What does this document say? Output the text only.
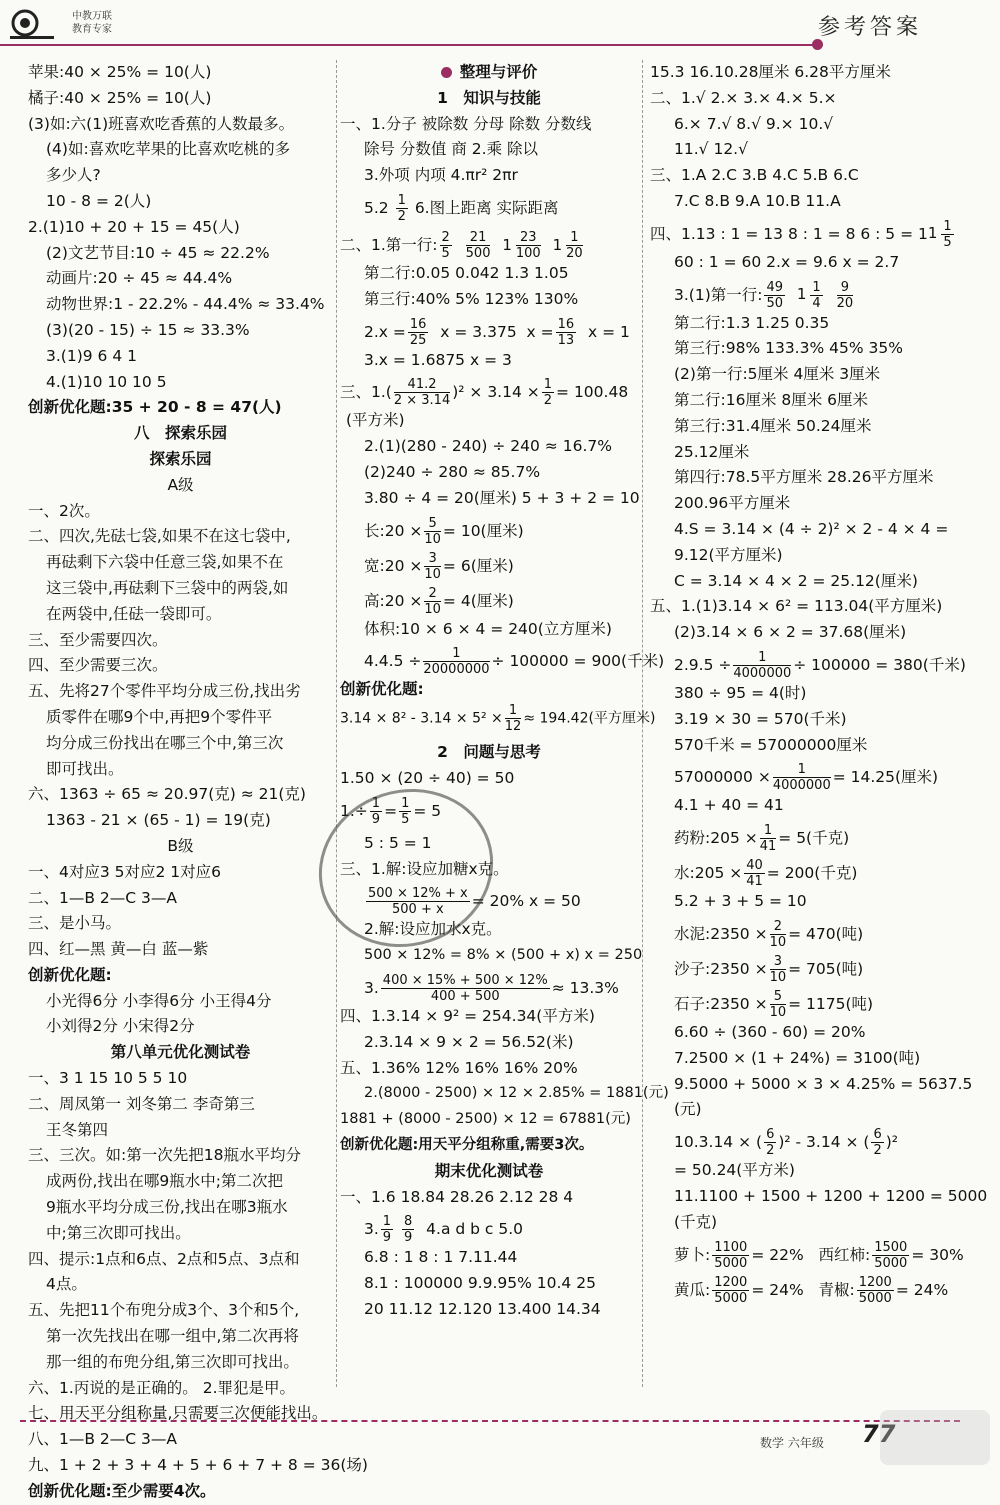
中教万联
教育专家	参考答案
苹果:40 × 25% = 10(人)
橘子:40 × 25% = 10(人)
(3)如:六(1)班喜欢吃香蕉的人数最多。
(4)如:喜欢吃苹果的比喜欢吃桃的多
多少人?
10 - 8 = 2(人)
2.(1)10 + 20 + 15 = 45(人)
(2)文艺节目:10 ÷ 45 ≈ 22.2%
动画片:20 ÷ 45 ≈ 44.4%
动物世界:1 - 22.2% - 44.4% ≈ 33.4%
(3)(20 - 15) ÷ 15 ≈ 33.3%
3.(1)9 6 4 1
4.(1)10 10 10 5
创新优化题:35 + 20 - 8 = 47(人)
八　探索乐园
探索乐园
A级
一、2次。
二、四次,先砝七袋,如果不在这七袋中,
再砝剩下六袋中任意三袋,如果不在
这三袋中,再砝剩下三袋中的两袋,如
在两袋中,任砝一袋即可。
三、至少需要四次。
四、至少需要三次。
五、先将27个零件平均分成三份,找出劣
质零件在哪9个中,再把9个零件平
均分成三份找出在哪三个中,第三次
即可找出。
六、1363 ÷ 65 ≈ 20.97(克) ≈ 21(克)
1363 - 21 × (65 - 1) = 19(克)
B级
一、4对应3 5对应2 1对应6
二、1—B 2—C 3—A
三、是小马。
四、红—黑 黄—白 蓝—紫
创新优化题:
小光得6分 小李得6分 小王得4分
小刘得2分 小宋得2分
第八单元优化测试卷
一、3 1 15 10 5 5 10
二、周凤第一 刘冬第二 李奇第三
王冬第四
三、三次。如:第一次先把18瓶水平均分
成两份,找出在哪9瓶水中;第二次把
9瓶水平均分成三份,找出在哪3瓶水
中;第三次即可找出。
四、提示:1点和6点、2点和5点、3点和
4点。
五、先把11个布兜分成3个、3个和5个,
第一次先找出在哪一组中,第二次再将
那一组的布兜分组,第三次即可找出。
六、1.丙说的是正确的。 2.罪犯是甲。
七、用天平分组称量,只需要三次便能找出。
八、1—B 2—C 3—A
九、1 + 2 + 3 + 4 + 5 + 6 + 7 + 8 = 36(场)
创新优化题:至少需要4次。
整理与评价
1　知识与技能
一、1.分子 被除数 分母 除数 分数线
除号 分数值 商 2.乘 除以
3.外项 内项 4.πr² 2πr
$5.2 \frac{1}{2} 6$.图上距离 实际距离
二、1.第一行: $\frac{2}{5}$
$\frac{21}{500} 1 \frac{23}{100} 1 \frac{1}{20}$
第二行:0.05 0.042 1.3 1.05
第三行:40% 5% 123% 130%
$2.x = \frac{16}{25}$ x = 3.375 $x = \frac{16}{13}$ x = 1
3.x = 1.6875 x = 3
三、$1.( \frac{41.2}{2 \times 3.14} )^2 \times 3.14 \times \frac{1}{2} = 100.48$
(平方米)
2.(1)(280 - 240) ÷ 240 ≈ 16.7%
(2)240 ÷ 280 ≈ 85.7%
3.80 ÷ 4 = 20(厘米) 5 + 3 + 2 = 10
长:20 × $\frac{5}{10} = 10$(厘米)
宽:20 × $\frac{3}{10} = 6$(厘米)
高:20 × $\frac{2}{10} = 4$(厘米)
体积:10 × 6 × 4 = 240(立方厘米)
$4.4.5 \div \frac{1}{20000000} \div 100000 = 900$(千米)
创新优化题:
$3.14 \times 8^2 - 3.14 \times 5^2 \times \frac{1}{12} \approx 194.42$(平方厘米)
2　问题与思考
1.50 × (20 ÷ 40) = 50
$1.\div \frac{1}{9} = \frac{1}{5} = 5$
5 : 5 = 1
三、1.解:设应加糖x克。
$\frac{500 \times 12\% + x}{500 + x} = 20\%$ x = 50
2.解:设应加水x克。
500 × 12% = 8% × (500 + x) x = 250
3. $\frac{400 \times 15\% + 500 \times 12\%}{400 + 500} \approx 13.3\%$
四、1.3.14 × 9² = 254.34(平方米)
2.3.14 × 9 × 2 = 56.52(米)
五、1.36% 12% 16% 16% 20%
2.(8000 - 2500) × 12 × 2.85% = 1881(元)
1881 + (8000 - 2500) × 12 = 67881(元)
创新优化题:用天平分组称重,需要3次。
期末优化测试卷
一、1.6 18.84 28.26 2.12 28 4
3. $\frac{1}{9}$
$\frac{8}{9} 4.a$ d b c 5.0
6.8 : 1 8 : 1 7.11.44
8.1 : 100000 9.9.95% 10.4 25
20 11.12 12.120 13.400 14.34
15.3 16.10.28厘米 6.28平方厘米
二、1.√ 2.× 3.× 4.× 5.×
6.× 7.√ 8.√ 9.× 10.√
11.√ 12.√
三、1.A 2.C 3.B 4.C 5.B 6.C
7.C 8.B 9.A 10.B 11.A
四、1.13 : 1 = 13 8 : 1 = 8 6 : $5 = 11 \frac{1}{5}$
60 : 1 = 60 2.x = 9.6 x = 2.7
3.(1)第一行: $\frac{49}{50} 1 \frac{1}{4}$
$\frac{9}{20}$
第二行:1.3 1.25 0.35
第三行:98% 133.3% 45% 35%
(2)第一行:5厘米 4厘米 3厘米
第二行:16厘米 8厘米 6厘米
第三行:31.4厘米 50.24厘米
25.12厘米
第四行:78.5平方厘米 28.26平方厘米
200.96平方厘米
4.S = 3.14 × (4 ÷ 2)² × 2 - 4 × 4 =
9.12(平方厘米)
C = 3.14 × 4 × 2 = 25.12(厘米)
五、1.(1)3.14 × 6² = 113.04(平方厘米)
(2)3.14 × 6 × 2 = 37.68(厘米)
$2.9.5 \div \frac{1}{4000000} \div 100000 = 380$(千米)
380 ÷ 95 = 4(时)
3.19 × 30 = 570(千米)
570千米 = 57000000厘米
$57000000 \times \frac{1}{4000000} = 14.25$(厘米)
4.1 + 40 = 41
药粉:205 × $\frac{1}{41} = 5$(千克)
水:205 × $\frac{40}{41} = 200$(千克)
5.2 + 3 + 5 = 10
水泥:2350 × $\frac{2}{10} = 470$(吨)
沙子:2350 × $\frac{3}{10} = 705$(吨)
石子:2350 × $\frac{5}{10} = 1175$(吨)
6.60 ÷ (360 - 60) = 20%
7.2500 × (1 + 24%) = 3100(吨)
9.5000 + 5000 × 3 × 4.25% = 5637.5
(元)
10.3.14 × ( $\frac{6}{2} )^2 - 3.14$ × ( $\frac{6}{2} )^2$
= 50.24(平方米)
11.1100 + 1500 + 1200 + 1200 = 5000
(千克)
萝卜: $\frac{1100}{5000} = 22\%$ 西红柿: $\frac{1500}{5000} = 30\%$
黄瓜: $\frac{1200}{5000} = 24\%$ 青椒: $\frac{1200}{5000} = 24\%$
数学 六年级 77
